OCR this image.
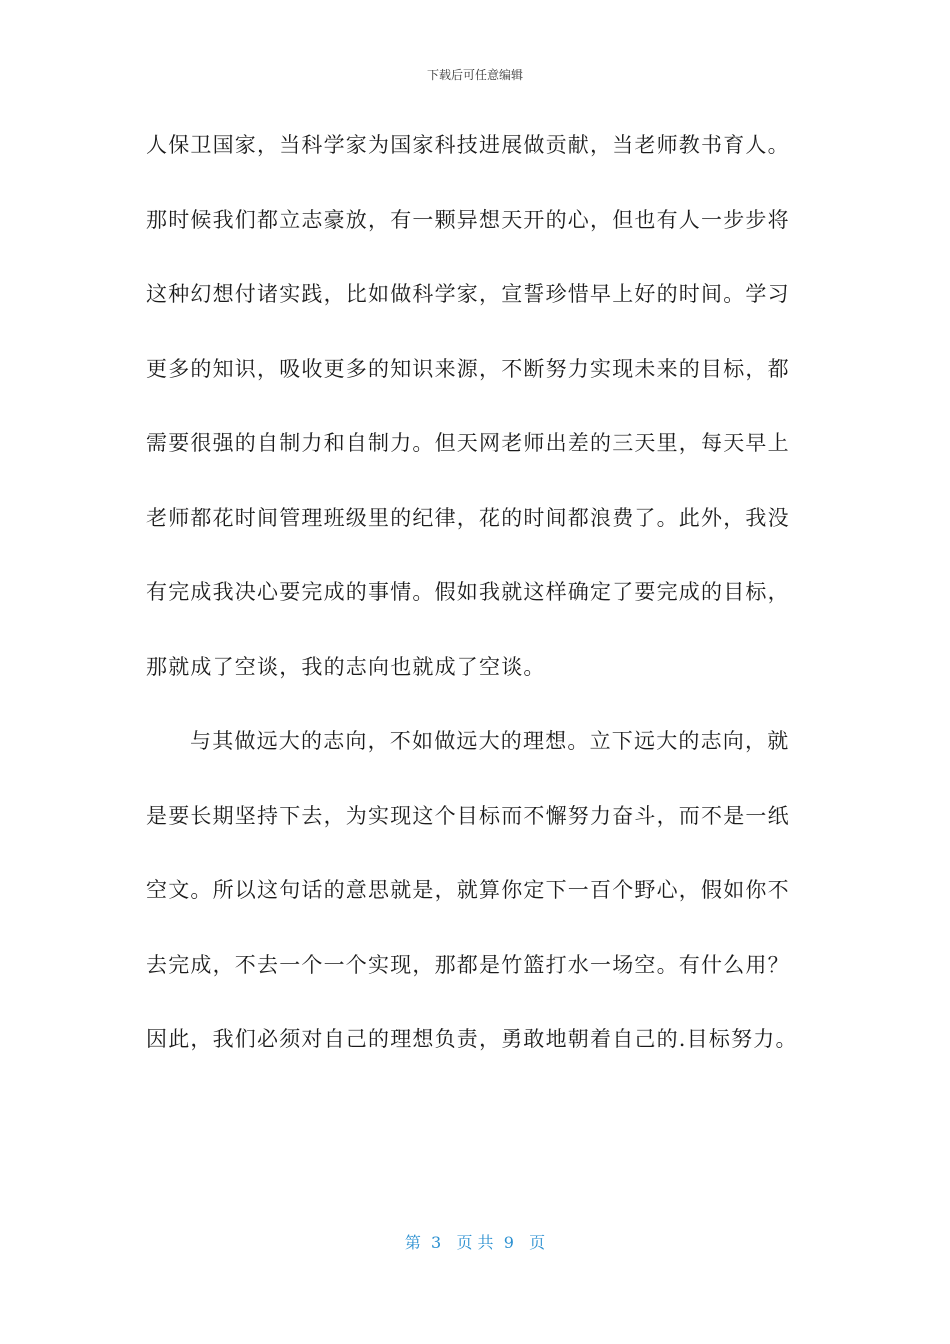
下载后可任意编辑
人保卫国家，当科学家为国家科技进展做贡献，当老师教书育人。
那时候我们都立志豪放，有一颗异想天开的心，但也有人一步步将
这种幻想付诸实践，比如做科学家，宣誓珍惜早上好的时间。学习
更多的知识，吸收更多的知识来源，不断努力实现未来的目标，都
需要很强的自制力和自制力。但天网老师出差的三天里，每天早上
老师都花时间管理班级里的纪律，花的时间都浪费了。此外，我没
有完成我决心要完成的事情。假如我就这样确定了要完成的目标，
那就成了空谈，我的志向也就成了空谈。
与其做远大的志向，不如做远大的理想。立下远大的志向，就
是要长期坚持下去，为实现这个目标而不懈努力奋斗，而不是一纸
空文。所以这句话的意思就是，就算你定下一百个野心，假如你不
去完成，不去一个一个实现，那都是竹篮打水一场空。有什么用？
因此，我们必须对自己的理想负责，勇敢地朝着自己的.目标努力。
第  3   页 共  9   页
